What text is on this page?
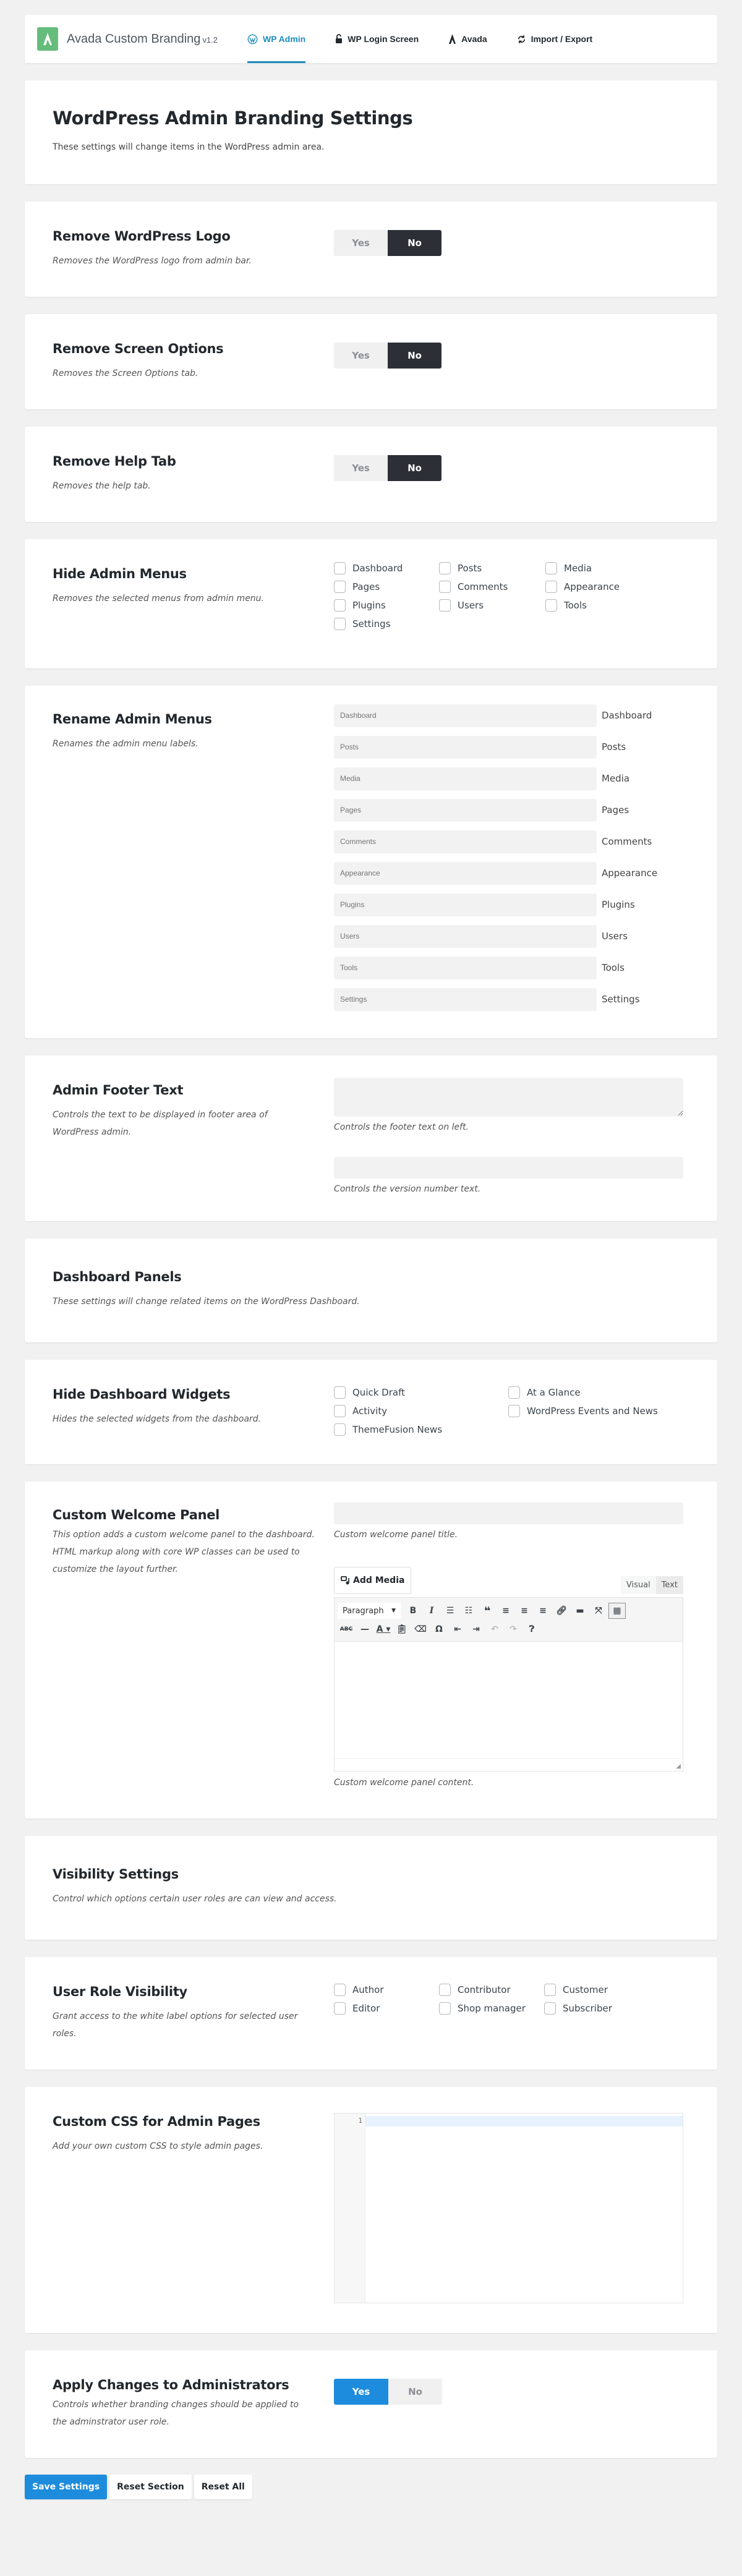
Avada Custom Branding v1.2	WP Admin	WP Login Screen	Avada	Import / Export
WordPress Admin Branding Settings

These settings will change items in the WordPress admin area.

Remove WordPress Logo

Removes the WordPress logo from admin bar.

Yes	No
Remove Screen Options

Removes the Screen Options tab.

Yes	No
Remove Help Tab

Removes the help tab.

Yes	No
Hide Admin Menus

Removes the selected menus from admin menu.

Dashboard	Posts	Media
Pages	Comments	Appearance
Plugins	Users	Tools
Settings
Rename Admin Menus

Renames the admin menu labels.

Dashboard
Dashboard
Posts
Posts
Media
Media
Pages
Pages
Comments
Comments
Appearance
Appearance
Plugins
Plugins
Users
Users
Tools
Tools
Settings
Settings
Admin Footer Text

Controls the text to be displayed in footer area of WordPress admin.	Controls the footer text on left.

Controls the version number text.

Dashboard Panels

These settings will change related items on the WordPress Dashboard.

Hide Dashboard Widgets

Hides the selected widgets from the dashboard.

Quick Draft	At a Glance
Activity	WordPress Events and News
ThemeFusion News
Custom Welcome Panel

This option adds a custom welcome panel to the dashboard. HTML markup along with core WP classes can be used to customize the layout further.

Custom welcome panel title.

Add Media	Visual	Text
Paragraph ▼	B	I	☰	☷	❝	≡	≡	≡	🔗︎	▬	⤧	▦
ABC — A ▾ 📋︎ ⌫	Ω	⇤	⇥	↶	↷	❓︎
◢

Custom welcome panel content.

Visibility Settings

Control which options certain user roles are can view and access.

User Role Visibility

Grant access to the white label options for selected user roles.

Author	Contributor	Customer
Editor	Shop manager	Subscriber
Custom CSS for Admin Pages

Add your own custom CSS to style admin pages.

1
Apply Changes to Administrators

Controls whether branding changes should be applied to the adminstrator user role.

Yes	No
Save Settings	Reset Section	Reset All
